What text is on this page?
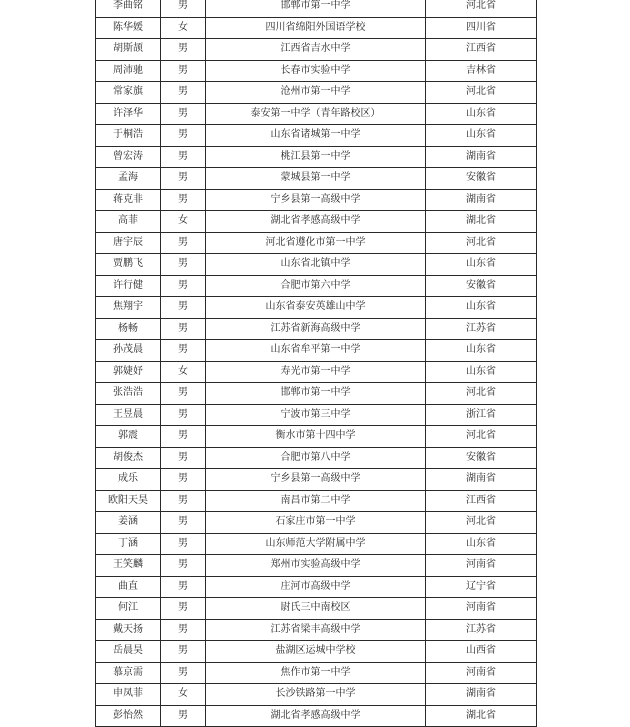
李曲铭	男	邯郸市第一中学	河北省
陈华媛	女	四川省绵阳外国语学校	四川省
胡斯颉	男	江西省吉水中学	江西省
周沛驰	男	长春市实验中学	吉林省
常家旗	男	沧州市第一中学	河北省
许泽华	男	泰安第一中学（青年路校区）	山东省
于桐浩	男	山东省诸城第一中学	山东省
曾宏涛	男	桃江县第一中学	湖南省
孟海	男	蒙城县第一中学	安徽省
蒋克非	男	宁乡县第一高级中学	湖南省
高菲	女	湖北省孝感高级中学	湖北省
唐宇辰	男	河北省遵化市第一中学	河北省
贾鹏飞	男	山东省北镇中学	山东省
许行健	男	合肥市第六中学	安徽省
焦翔宇	男	山东省泰安英雄山中学	山东省
杨畅	男	江苏省新海高级中学	江苏省
孙茂晨	男	山东省牟平第一中学	山东省
郭婕妤	女	寿光市第一中学	山东省
张浩浩	男	邯郸市第一中学	河北省
王昱晨	男	宁波市第三中学	浙江省
郭震	男	衡水市第十四中学	河北省
胡俊杰	男	合肥市第八中学	安徽省
成乐	男	宁乡县第一高级中学	湖南省
欧阳天昊	男	南昌市第二中学	江西省
姜涵	男	石家庄市第一中学	河北省
丁涵	男	山东师范大学附属中学	山东省
王笑麟	男	郑州市实验高级中学	河南省
曲直	男	庄河市高级中学	辽宁省
何江	男	尉氏三中南校区	河南省
戴天扬	男	江苏省梁丰高级中学	江苏省
岳晨昊	男	盐湖区运城中学校	山西省
慕京需	男	焦作市第一中学	河南省
申凤菲	女	长沙铁路第一中学	湖南省
彭怡然	男	湖北省孝感高级中学	湖北省
